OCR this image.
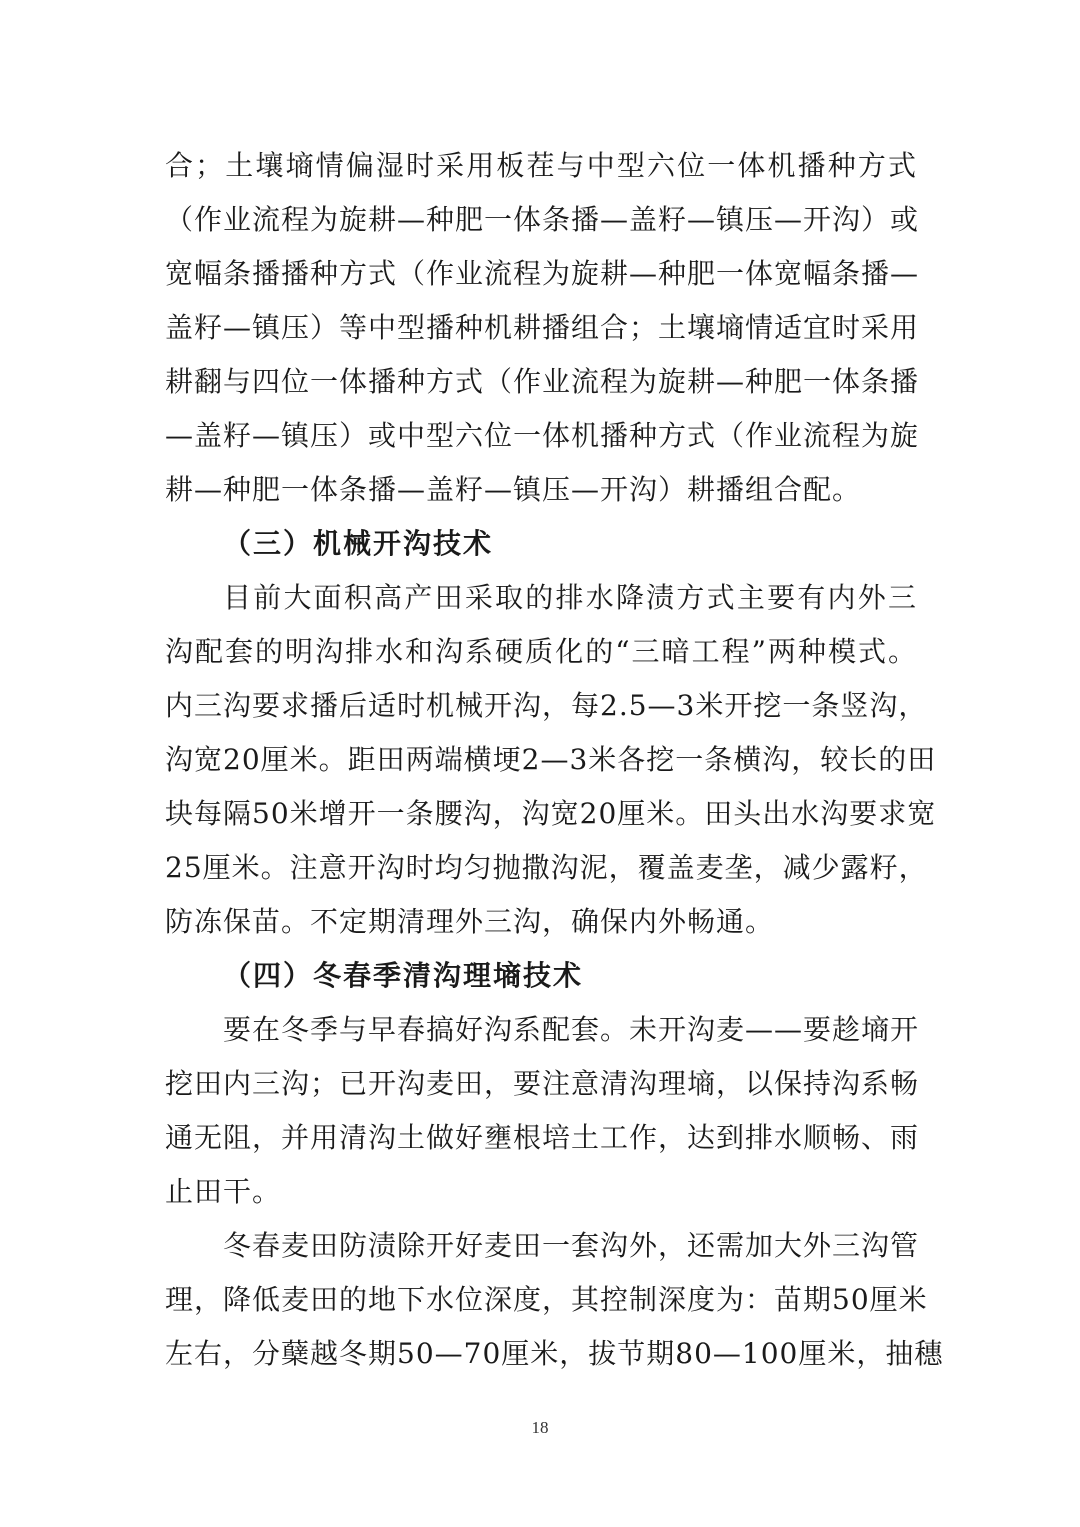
合；土壤墒情偏湿时采用板茬与中型六位一体机播种方式
（作业流程为旋耕—种肥一体条播—盖籽—镇压—开沟）或
宽幅条播播种方式（作业流程为旋耕—种肥一体宽幅条播—
盖籽—镇压）等中型播种机耕播组合；土壤墒情适宜时采用
耕翻与四位一体播种方式（作业流程为旋耕—种肥一体条播
—盖籽—镇压）或中型六位一体机播种方式（作业流程为旋
耕—种肥一体条播—盖籽—镇压—开沟）耕播组合配。
（三）机械开沟技术
目前大面积高产田采取的排水降渍方式主要有内外三
沟配套的明沟排水和沟系硬质化的“三暗工程”两种模式。
内三沟要求播后适时机械开沟，每2.5—3米开挖一条竖沟，
沟宽20厘米。距田两端横埂2—3米各挖一条横沟，较长的田
块每隔50米增开一条腰沟，沟宽20厘米。田头出水沟要求宽
25厘米。注意开沟时均匀抛撒沟泥，覆盖麦垄，减少露籽，
防冻保苗。不定期清理外三沟，确保内外畅通。
（四）冬春季清沟理墒技术
要在冬季与早春搞好沟系配套。未开沟麦——要趁墒开
挖田内三沟；已开沟麦田，要注意清沟理墒，以保持沟系畅
通无阻，并用清沟土做好壅根培土工作，达到排水顺畅、雨
止田干。
冬春麦田防渍除开好麦田一套沟外，还需加大外三沟管
理，降低麦田的地下水位深度，其控制深度为：苗期50厘米
左右，分蘖越冬期50—70厘米，拔节期80—100厘米，抽穗
18
